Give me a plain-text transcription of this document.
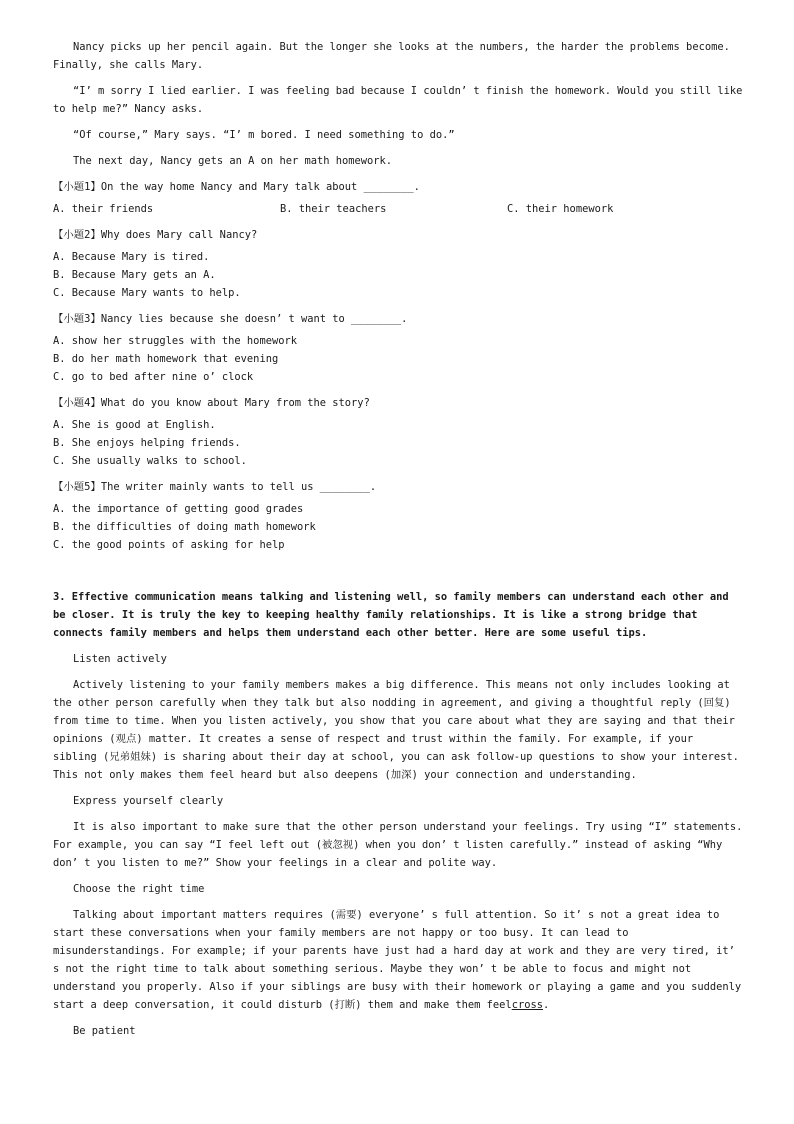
Nancy picks up her pencil again. But the longer she looks at the numbers, the harder the problems become. Finally, she calls Mary.

“I’ m sorry I lied earlier. I was feeling bad because I couldn’ t finish the homework. Would you still like to help me?” Nancy asks.

“Of course,” Mary says. “I’ m bored. I need something to do.”

The next day, Nancy gets an A on her math homework.

【小题1】On the way home Nancy and Mary talk about ________.

A. their friends	B. their teachers	C. their homework

【小题2】Why does Mary call Nancy?

A. Because Mary is tired.

B. Because Mary gets an A.

C. Because Mary wants to help.

【小题3】Nancy lies because she doesn’ t want to ________.

A. show her struggles with the homework

B. do her math homework that evening

C. go to bed after nine o’ clock

【小题4】What do you know about Mary from the story?

A. She is good at English.

B. She enjoys helping friends.

C. She usually walks to school.

【小题5】The writer mainly wants to tell us ________.

A. the importance of getting good grades

B. the difficulties of doing math homework

C. the good points of asking for help

3. Effective communication means talking and listening well, so family members can understand each other and be closer. It is truly the key to keeping healthy family relationships. It is like a strong bridge that connects family members and helps them understand each other better. Here are some useful tips.

Listen actively

Actively listening to your family members makes a big difference. This means not only includes looking at the other person carefully when they talk but also nodding in agreement, and giving a thoughtful reply (回复) from time to time. When you listen actively, you show that you care about what they are saying and that their opinions (观点) matter. It creates a sense of respect and trust within the family. For example, if your sibling (兄弟姐妹) is sharing about their day at school, you can ask follow-up questions to show your interest. This not only makes them feel heard but also deepens (加深) your connection and understanding.

Express yourself clearly

It is also important to make sure that the other person understand your feelings. Try using “I” statements. For example, you can say “I feel left out (被忽视) when you don’ t listen carefully.” instead of asking “Why don’ t you listen to me?” Show your feelings in a clear and polite way.

Choose the right time

Talking about important matters requires (需要) everyone’ s full attention. So it’ s not a great idea to start these conversations when your family members are not happy or too busy. It can lead to misunderstandings. For example; if your parents have just had a hard day at work and they are very tired, it’ s not the right time to talk about something serious. Maybe they won’ t be able to focus and might not understand you properly. Also if your siblings are busy with their homework or playing a game and you suddenly start a deep conversation, it could disturb (打断) them and make them feelcross.

Be patient
